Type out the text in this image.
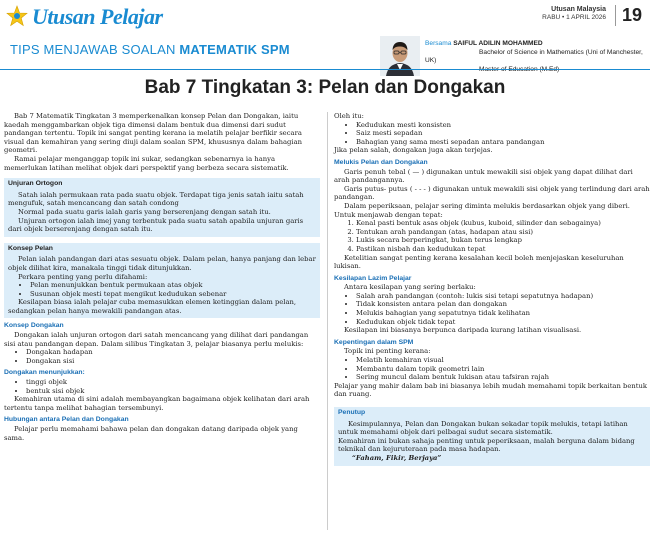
Utusan Pelajar	Utusan Malaysia
RABU • 1 APRIL 2026 19
TIPS MENJAWAB SOALAN MATEMATIK SPM	Bersama SAIFUL ADILIN MOHAMMED
Bachelor of Science in Mathematics (Uni of Manchester, UK)

Bab 7 Tingkatan 3: Pelan dan Dongakan

Bab 7 Matematik Tingkatan 3 memperkenalkan konsep Pelan dan Dongakan, iaitu kaedah menggambarkan objek tiga dimensi dalam bentuk dua dimensi dari sudut pandangan tertentu. Topik ini sangat penting kerana ia melatih pelajar berfikir secara visual dan kemahiran yang sering diuji dalam soalan SPM, khususnya dalam bahagian geometri.

Ramai pelajar menganggap topik ini sukar, sedangkan sebenarnya ia hanya memerlukan latihan melihat objek dari perspektif yang berbeza secara sistematik.

Unjuran Ortogon

Satah ialah permukaan rata pada suatu objek. Terdapat tiga jenis satah iaitu satah mengufuk, satah mencancang dan satah condong

Normal pada suatu garis ialah garis yang berserenjang dengan satah itu.

Unjuran ortogon ialah imej yang terbentuk pada suatu satah apabila unjuran garis dari objek berserenjang dengan satah itu.

Konsep Pelan

Pelan ialah pandangan dari atas sesuatu objek. Dalam pelan, hanya panjang dan lebar objek dilihat kira, manakala tinggi tidak ditunjukkan.

Perkara penting yang perlu difahami:

• Pelan menunjukkan bentuk permukaan atas objek
• Susunan objek mesti tepat mengikut kedudukan sebenar

Kesilapan biasa ialah pelajar cuba memasukkan elemen ketinggian dalam pelan, sedangkan pelan hanya mewakili pandangan atas.

Konsep Dongakan

Dongakan ialah unjuran ortogon dari satah mencancang yang dilihat dari pandangan sisi atau pandangan depan. Dalam silibus Tingkatan 3, pelajar biasanya perlu melukis:

• Dongakan hadapan
• Dongakan sisi
Dongakan menunjukkan:
• tinggi objek
• bentuk sisi objek

Kemahiran utama di sini adalah membayangkan bagaimana objek kelihatan dari arah tertentu tanpa melihat bahagian tersembunyi.

Hubungan antara Pelan dan Dongakan

Pelajar perlu memahami bahawa pelan dan dongakan datang daripada objek yang sama.

Oleh itu:
• Kedudukan mesti konsisten
• Saiz mesti sepadan
• Bahagian yang sama mesti sepadan antara pandangan
Jika pelan salah, dongakan juga akan terjejas.
Melukis Pelan dan Dongakan

Garis penuh tebal ( — ) digunakan untuk mewakili sisi objek yang dapat dilihat dari arah pandangannya.

Garis putus- putus ( - - - ) digunakan untuk mewakili sisi objek yang terlindung dari arah pandangan.

Dalam peperiksaan, pelajar sering diminta melukis berdasarkan objek yang diberi. Untuk menjawab dengan tepat:

1. Kenal pasti bentuk asas objek (kubus, kuboid, silinder dan sebagainya)
2. Tentukan arah pandangan (atas, hadapan atau sisi)
3. Lukis secara berperingkat, bukan terus lengkap
4. Pastikan nisbah dan kedudukan tepat

Ketelitian sangat penting kerana kesalahan kecil boleh menjejaskan keseluruhan lukisan.

Kesilapan Lazim Pelajar

Antara kesilapan yang sering berlaku:

• Salah arah pandangan (contoh: lukis sisi tetapi sepatutnya hadapan)
• Tidak konsisten antara pelan dan dongakan
• Melukis bahagian yang sepatutnya tidak kelihatan
• Kedudukan objek tidak tepat

Kesilapan ini biasanya berpunca daripada kurang latihan visualisasi.

Kepentingan dalam SPM

Topik ini penting kerana:

• Melatih kemahiran visual
• Membantu dalam topik geometri lain
• Sering muncul dalam bentuk lukisan atau tafsiran rajah

Pelajar yang mahir dalam bab ini biasanya lebih mudah memahami topik berkaitan bentuk dan ruang.

Penutup

Kesimpulannya, Pelan dan Dongakan bukan sekadar topik melukis, tetapi latihan untuk memahami objek dari pelbagai sudut secara sistematik.

Kemahiran ini bukan sahaja penting untuk peperiksaan, malah berguna dalam bidang teknikal dan kejuruteraan pada masa hadapan.

“Faham, Fikir, Berjaya”
